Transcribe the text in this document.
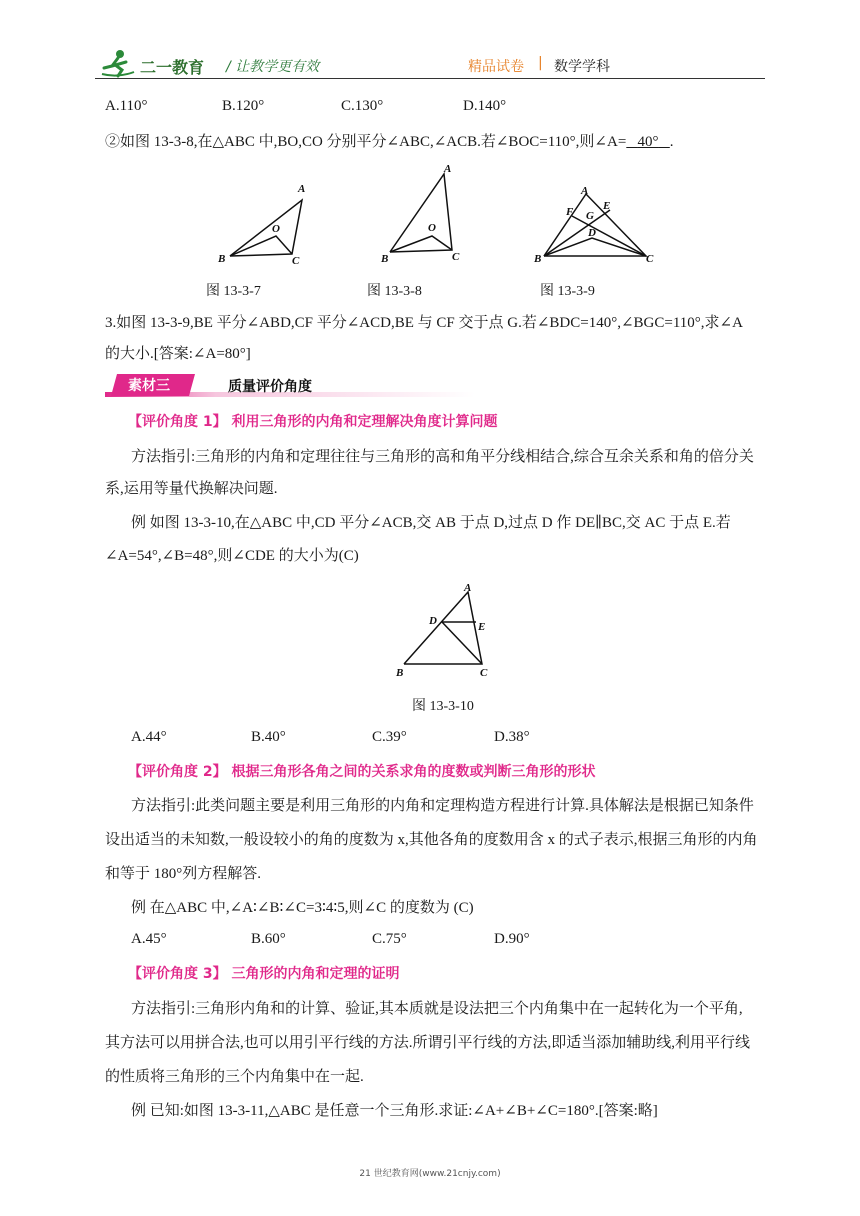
二一教育 / 让教学更有效	精品试卷 | 数学学科
A.110°	B.120°	C.130°	D.140°
②如图 13-3-8,在△ABC 中,BO,CO 分别平分∠ABC,∠ACB.若∠BOC=110°,则∠A= 40° .
A
O
B	C
A
O
B	C
A
F G
E
D
B	C
图 13-3-7	图 13-3-8	图 13-3-9
3.如图 13-3-9,BE 平分∠ABD,CF 平分∠ACD,BE 与 CF 交于点 G.若∠BDC=140°,∠BGC=110°,求∠A
的大小.[答案:∠A=80°]
素材三	质量评价角度
【评价角度 1】 利用三角形的内角和定理解决角度计算问题
方法指引:三角形的内角和定理往往与三角形的高和角平分线相结合,综合互余关系和角的倍分关
系,运用等量代换解决问题.
例 如图 13-3-10,在△ABC 中,CD 平分∠ACB,交 AB 于点 D,过点 D 作 DE∥BC,交 AC 于点 E.若
∠A=54°,∠B=48°,则∠CDE 的大小为(C)
A
D	E
B	C
图 13-3-10
A.44°	B.40°	C.39°	D.38°
【评价角度 2】 根据三角形各角之间的关系求角的度数或判断三角形的形状
方法指引:此类问题主要是利用三角形的内角和定理构造方程进行计算.具体解法是根据已知条件
设出适当的未知数,一般设较小的角的度数为 x,其他各角的度数用含 x 的式子表示,根据三角形的内角
和等于 180°列方程解答.
例 在△ABC 中,∠A∶∠B∶∠C=3∶4∶5,则∠C 的度数为 (C)
A.45°	B.60°	C.75°	D.90°
【评价角度 3】 三角形的内角和定理的证明
方法指引:三角形内角和的计算、验证,其本质就是设法把三个内角集中在一起转化为一个平角,
其方法可以用拼合法,也可以用引平行线的方法.所谓引平行线的方法,即适当添加辅助线,利用平行线
的性质将三角形的三个内角集中在一起.
例 已知:如图 13-3-11,△ABC 是任意一个三角形.求证:∠A+∠B+∠C=180°.[答案:略]
21 世纪教育网(www.21cnjy.com)
